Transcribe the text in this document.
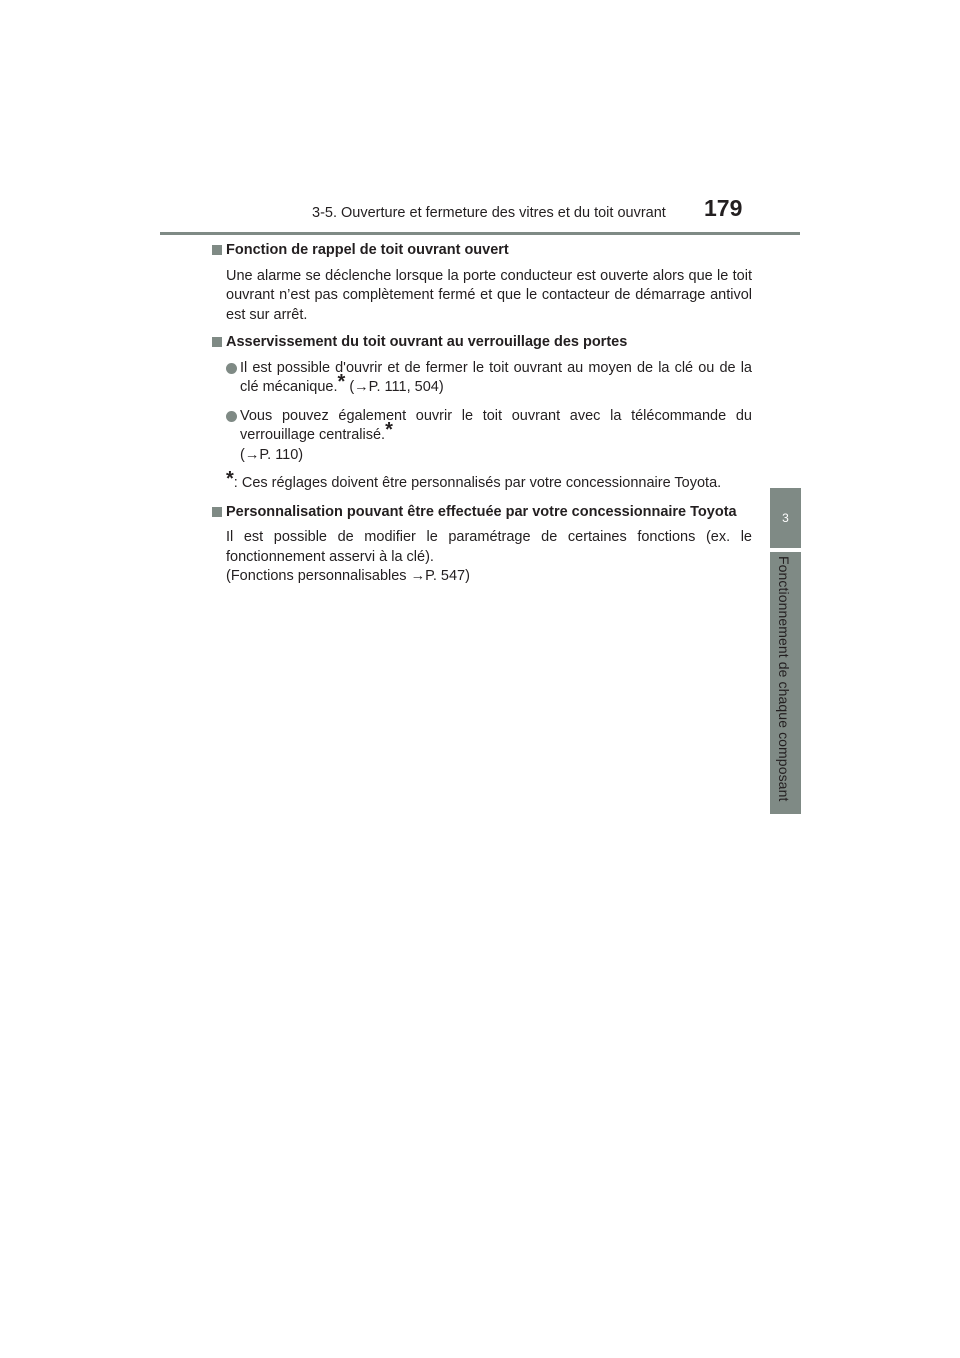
3-5. Ouverture et fermeture des vitres et du toit ouvrant 179
3
Fonctionnement de chaque composant

Fonction de rappel de toit ouvrant ouvert

Une alarme se déclenche lorsque la porte conducteur est ouverte alors que le toit ouvrant n’est pas complètement fermé et que le contacteur de démarrage antivol est sur arrêt.

Asservissement du toit ouvrant au verrouillage des portes

Il est possible d'ouvrir et de fermer le toit ouvrant au moyen de la clé ou de la clé mécanique.* (→P. 111, 504)
Vous pouvez également ouvrir le toit ouvrant avec la télécommande du verrouillage centralisé.*
(→P. 110)

*: Ces réglages doivent être personnalisés par votre concessionnaire Toyota.

Personnalisation pouvant être effectuée par votre concessionnaire Toyota

Il est possible de modifier le paramétrage de certaines fonctions (ex. le fonctionnement asservi à la clé).

(Fonctions personnalisables →P. 547)
